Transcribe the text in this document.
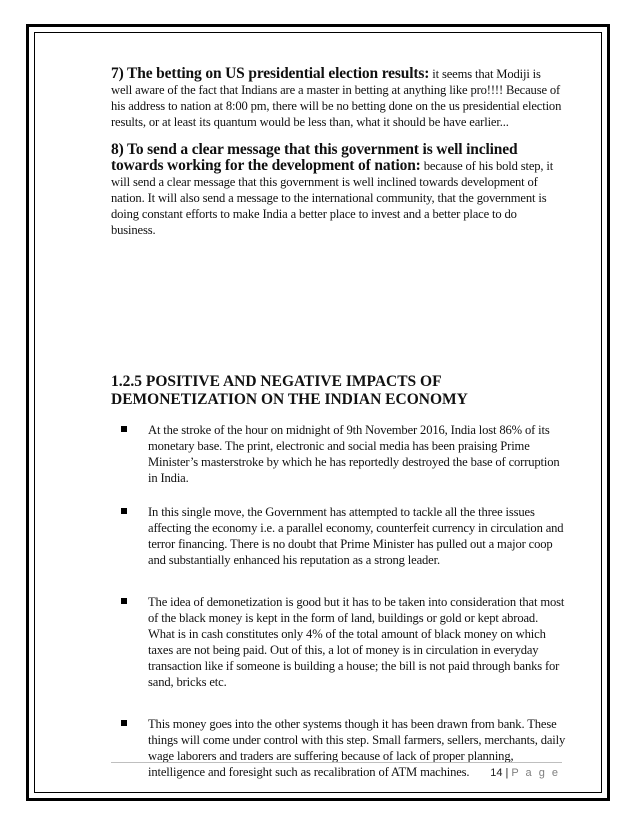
7) The betting on US presidential election results: it seems that Modiji is well aware of the fact that Indians are a master in betting at anything like pro!!!! Because of his address to nation at 8:00 pm, there will be no betting done on the us presidential election results, or at least its quantum would be less than, what it should be have earlier...

8) To send a clear message that this government is well inclined towards working for the development of nation: because of his bold step, it will send a clear message that this government is well inclined towards development of nation. It will also send a message to the international community, that the government is doing constant efforts to make India a better place to invest and a better place to do business.

1.2.5 POSITIVE AND NEGATIVE IMPACTS OF DEMONETIZATION ON THE INDIAN ECONOMY
At the stroke of the hour on midnight of 9th November 2016, India lost 86% of its monetary base. The print, electronic and social media has been praising Prime Minister’s masterstroke by which he has reportedly destroyed the base of corruption in India.
In this single move, the Government has attempted to tackle all the three issues affecting the economy i.e. a parallel economy, counterfeit currency in circulation and terror financing. There is no doubt that Prime Minister has pulled out a major coop and substantially enhanced his reputation as a strong leader.
The idea of demonetization is good but it has to be taken into consideration that most of the black money is kept in the form of land, buildings or gold or kept abroad. What is in cash constitutes only 4% of the total amount of black money on which taxes are not being paid. Out of this, a lot of money is in circulation in everyday transaction like if someone is building a house; the bill is not paid through banks for sand, bricks etc.
This money goes into the other systems though it has been drawn from bank. These things will come under control with this step. Small farmers, sellers, merchants, daily wage laborers and traders are suffering because of lack of proper planning, intelligence and foresight such as recalibration of ATM machines.	14 | P a g e
